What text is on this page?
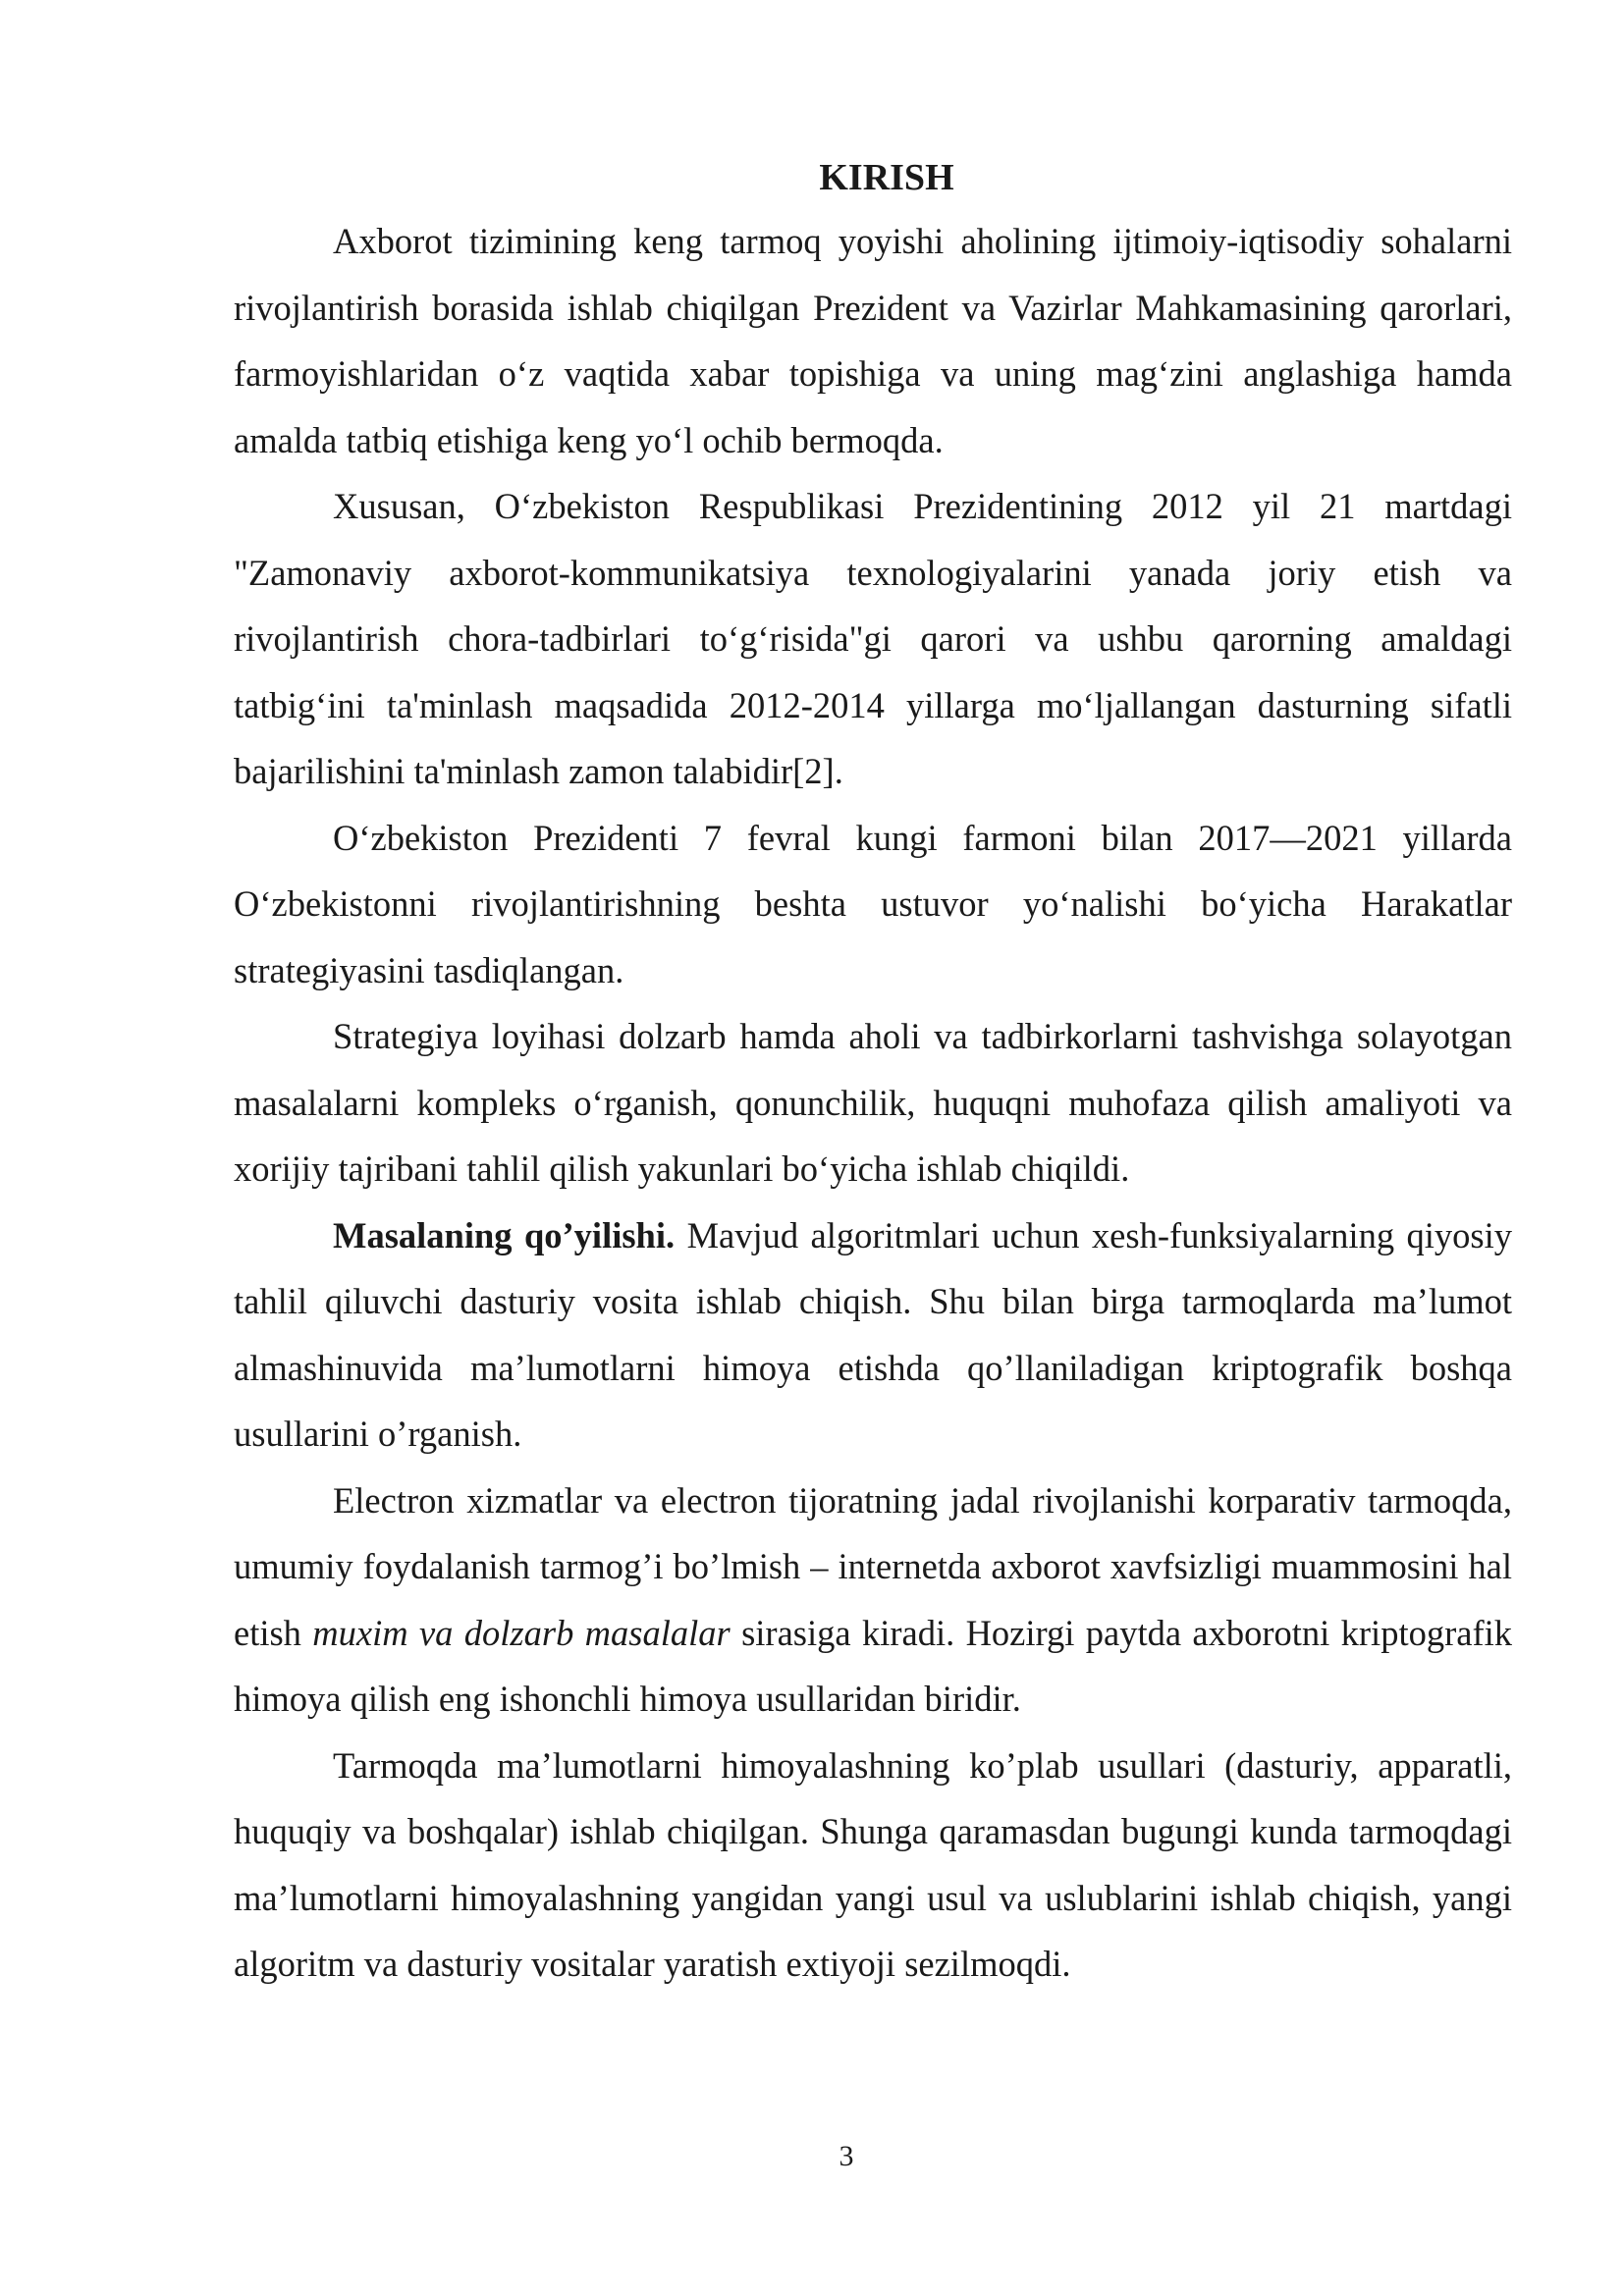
KIRISH

Axborot tizimining keng tarmoq yoyishi aholining ijtimoiy-iqtisodiy sohalarni rivojlantirish borasida ishlab chiqilgan Prezident va Vazirlar Mahkamasining qarorlari, farmoyishlaridan o‘z vaqtida xabar topishiga va uning mag‘zini anglashiga hamda amalda tatbiq etishiga keng yo‘l ochib bermoqda.

Xususan, O‘zbekiston Respublikasi Prezidentining 2012 yil 21 martdagi "Zamonaviy axborot-kommunikatsiya texnologiyalarini yanada joriy etish va rivojlantirish chora-tadbirlari to‘g‘risida"gi qarori va ushbu qarorning amaldagi tatbig‘ini ta'minlash maqsadida 2012-2014 yillarga mo‘ljallangan dasturning sifatli bajarilishini ta'minlash zamon talabidir[2].

O‘zbekiston Prezidenti 7 fevral kungi farmoni bilan 2017—2021 yillarda O‘zbekistonni rivojlantirishning beshta ustuvor yo‘nalishi bo‘yicha Harakatlar strategiyasini tasdiqlangan.

Strategiya loyihasi dolzarb hamda aholi va tadbirkorlarni tashvishga solayotgan masalalarni kompleks o‘rganish, qonunchilik, huquqni muhofaza qilish amaliyoti va xorijiy tajribani tahlil qilish yakunlari bo‘yicha ishlab chiqildi.

Masalaning qo’yilishi. Mavjud algoritmlari uchun xesh-funksiyalarning qiyosiy tahlil qiluvchi dasturiy vosita ishlab chiqish. Shu bilan birga tarmoqlarda ma’lumot almashinuvida ma’lumotlarni himoya etishda qo’llaniladigan kriptografik boshqa usullarini o’rganish.

Electron xizmatlar va electron tijoratning jadal rivojlanishi korparativ tarmoqda, umumiy foydalanish tarmog’i bo’lmish – internetda axborot xavfsizligi muammosini hal etish muxim va dolzarb masalalar sirasiga kiradi. Hozirgi paytda axborotni kriptografik himoya qilish eng ishonchli himoya usullaridan biridir.

Tarmoqda ma’lumotlarni himoyalashning ko’plab usullari (dasturiy, apparatli, huquqiy va boshqalar) ishlab chiqilgan. Shunga qaramasdan bugungi kunda tarmoqdagi ma’lumotlarni himoyalashning yangidan yangi usul va uslublarini ishlab chiqish, yangi algoritm va dasturiy vositalar yaratish extiyoji sezilmoqdi.

3
